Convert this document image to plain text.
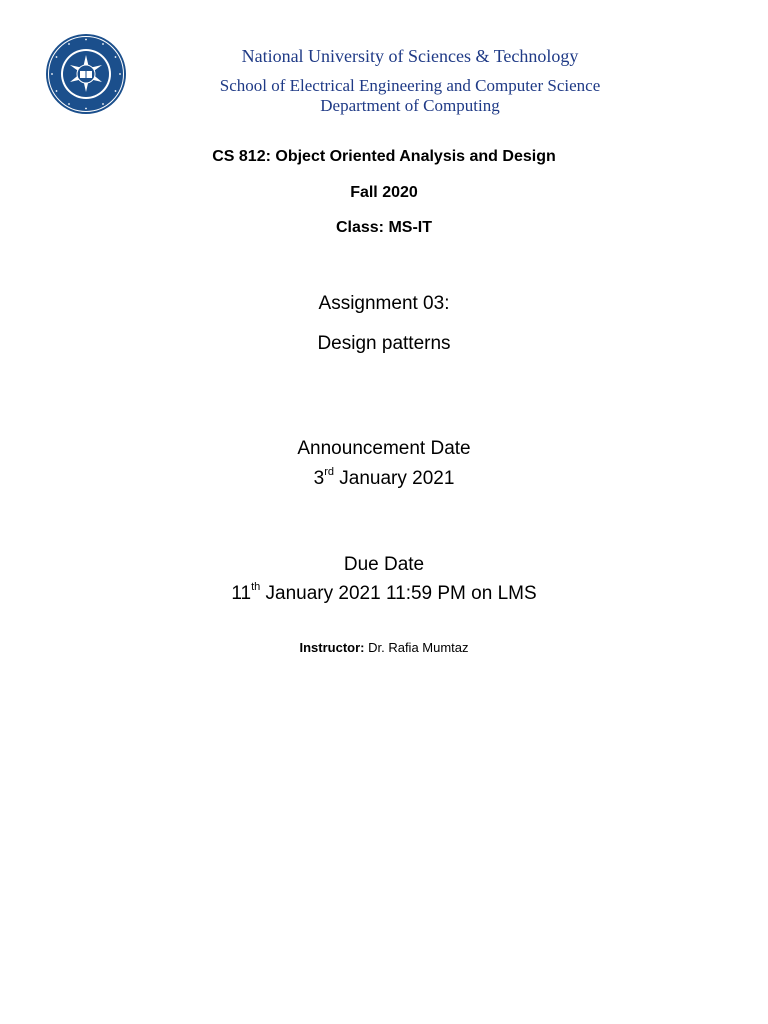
National University of Sciences & Technology
School of Electrical Engineering and Computer Science
Department of Computing
CS 812: Object Oriented Analysis and Design
Fall 2020
Class: MS-IT
Assignment 03:
Design patterns
Announcement Date
3rd January 2021
Due Date
11th January 2021 11:59 PM on LMS
Instructor: Dr. Rafia Mumtaz
